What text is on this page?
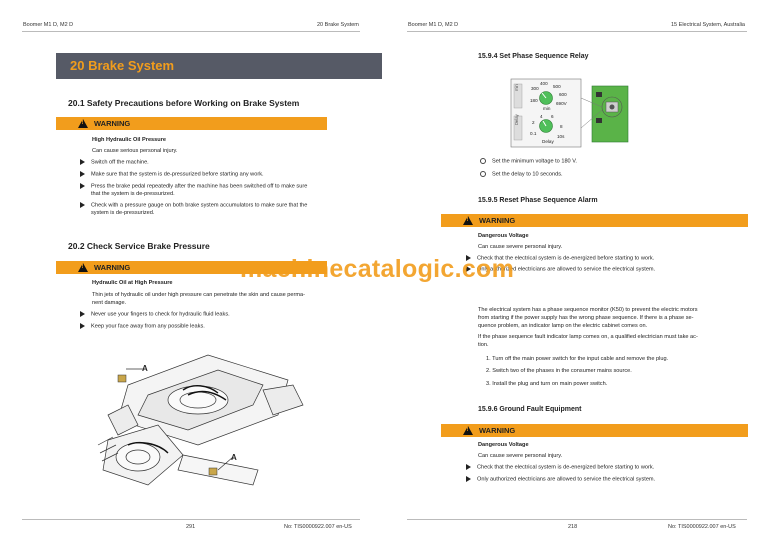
Boomer M1 D, M2 D	20 Brake System
20 Brake System
20.1 Safety Precautions before Working on Brake System
!
WARNING
High Hydraulic Oil Pressure
Can cause serious personal injury.
Switch off the machine.
Make sure that the system is de-pressurized before starting any work.
Press the brake pedal repeatedly after the machine has been switched off to make sure
that the system is de-pressurized.
Check with a pressure gauge on both brake system accumulators to make sure that the
system is de-pressurized.
20.2 Check Service Brake Pressure
!
WARNING
Hydraulic Oil at High Pressure
Thin jets of hydraulic oil under high pressure can penetrate the skin and cause perma-
nent damage.
Never use your fingers to check for hydraulic fluid leaks.
Keep your face away from any possible leaks.
A
A
291	No: TIS0000922.007 en-US
Boomer M1 D, M2 D	15 Electrical System, Australia
15.9.4 Set Phase Sequence Relay
min
Delay
400
500
300
600
180
690V
min
4 6
2
8
0.1
10s
Delay
Set the minimum voltage to 180 V.
Set the delay to 10 seconds.
15.9.5 Reset Phase Sequence Alarm
!
WARNING
Dangerous Voltage
Can cause severe personal injury.
Check that the electrical system is de-energized before starting to work.
Only authorized electricians are allowed to service the electrical system.
The electrical system has a phase sequence monitor (K50) to prevent the electric motors
from starting if the power supply has the wrong phase sequence. If there is a phase se-
quence problem, an indicator lamp on the electric cabinet comes on.
If the phase sequence fault indicator lamp comes on, a qualified electrician must take ac-
tion.
1. Turn off the main power switch for the input cable and remove the plug.
2. Switch two of the phases in the consumer mains source.
3. Install the plug and turn on main power switch.
15.9.6 Ground Fault Equipment
!
WARNING
Dangerous Voltage
Can cause severe personal injury.
Check that the electrical system is de-energized before starting to work.
Only authorized electricians are allowed to service the electrical system.
218	No: TIS0000922.007 en-US
machinecatalogic.com
